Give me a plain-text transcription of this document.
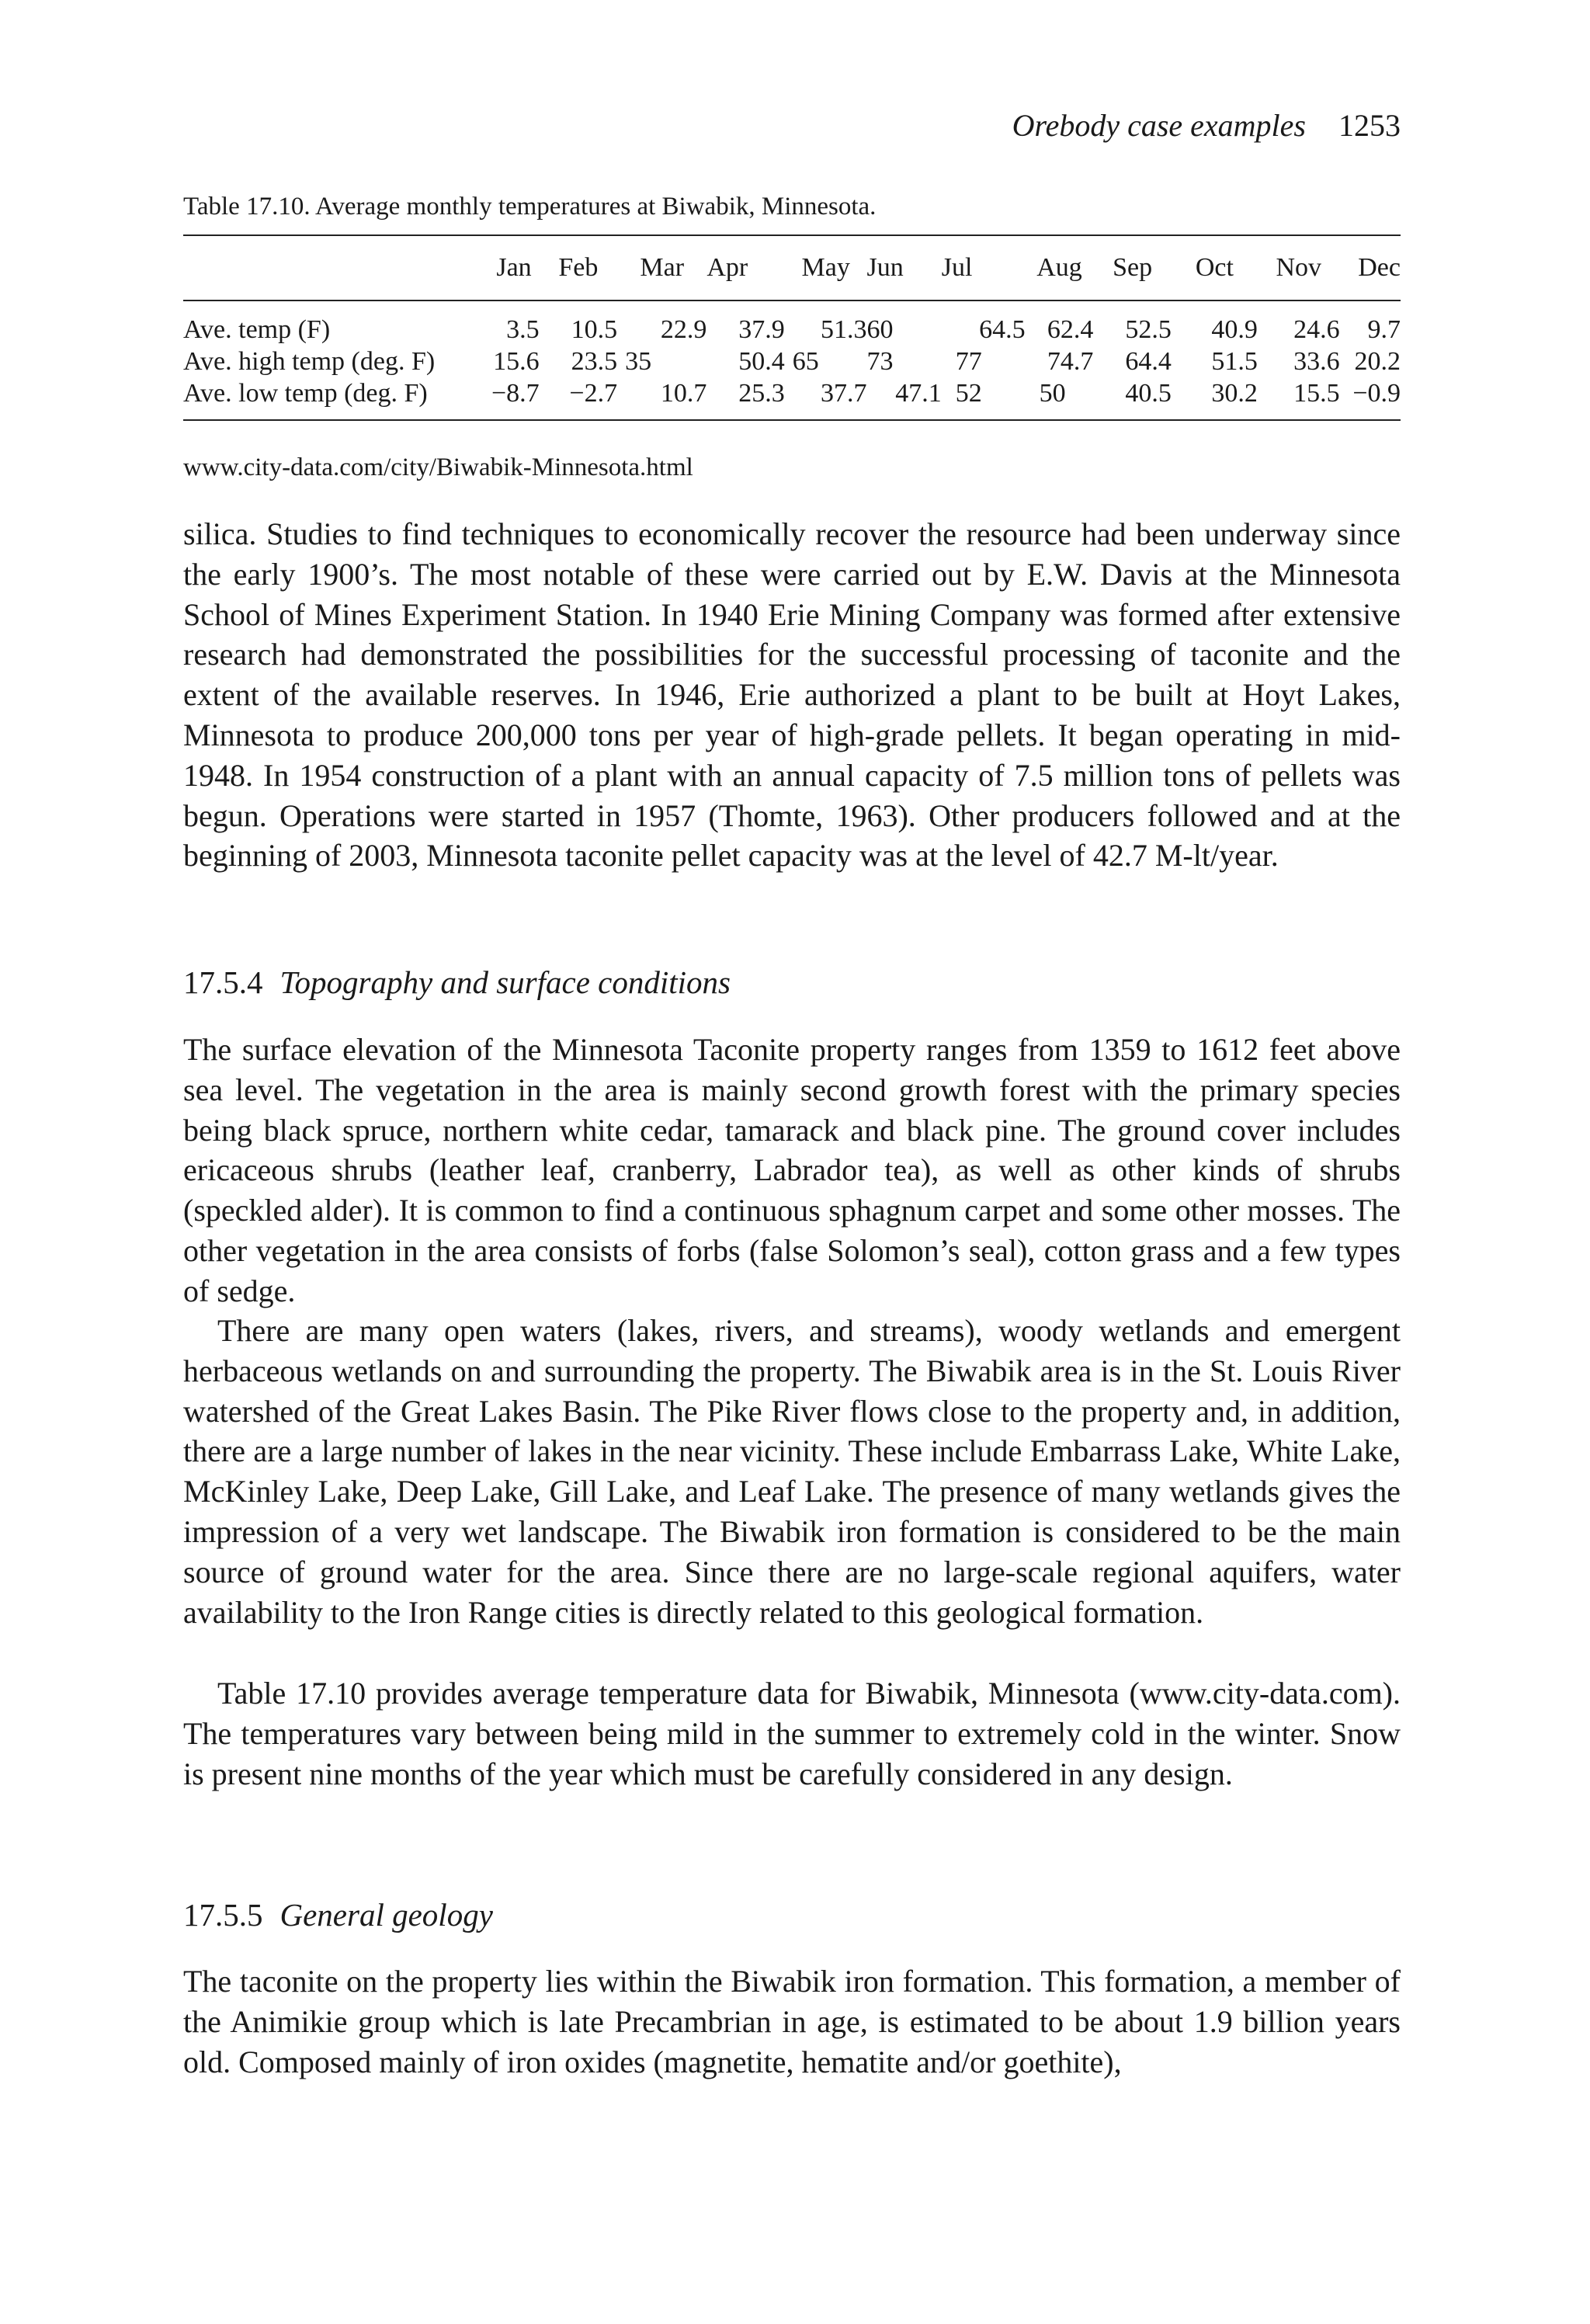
Orebody case examples 1253
Table 17.10. Average monthly temperatures at Biwabik, Minnesota.
	Jan	Feb	Mar	Apr	May	Jun	Jul	Aug	Sep	Oct	Nov	Dec
Ave. temp (F)	3.5	10.5	22.9	37.9	51.3	60	64.5	62.4	52.5	40.9	24.6	9.7
Ave. high temp (deg. F)	15.6	23.5	35	50.4	65	73	77	74.7	64.4	51.5	33.6	20.2
Ave. low temp (deg. F)	−8.7	−2.7	10.7	25.3	37.7	47.1	52	50	40.5	30.2	15.5	−0.9
www.city-data.com/city/Biwabik-Minnesota.html

silica. Studies to find techniques to economically recover the resource had been underway since the early 1900’s. The most notable of these were carried out by E.W. Davis at the Minnesota School of Mines Experiment Station. In 1940 Erie Mining Company was formed after extensive research had demonstrated the possibilities for the successful processing of taconite and the extent of the available reserves. In 1946, Erie authorized a plant to be built at Hoyt Lakes, Minnesota to produce 200,000 tons per year of high-grade pellets. It began operating in mid-1948. In 1954 construction of a plant with an annual capacity of 7.5 million tons of pellets was begun. Operations were started in 1957 (Thomte, 1963). Other producers followed and at the beginning of 2003, Minnesota taconite pellet capacity was at the level of 42.7 M-lt/year.

17.5.4 Topography and surface conditions

The surface elevation of the Minnesota Taconite property ranges from 1359 to 1612 feet above sea level. The vegetation in the area is mainly second growth forest with the primary species being black spruce, northern white cedar, tamarack and black pine. The ground cover includes ericaceous shrubs (leather leaf, cranberry, Labrador tea), as well as other kinds of shrubs (speckled alder). It is common to find a continuous sphagnum carpet and some other mosses. The other vegetation in the area consists of forbs (false Solomon’s seal), cotton grass and a few types of sedge.

There are many open waters (lakes, rivers, and streams), woody wetlands and emergent herbaceous wetlands on and surrounding the property. The Biwabik area is in the St. Louis River watershed of the Great Lakes Basin. The Pike River flows close to the property and, in addition, there are a large number of lakes in the near vicinity. These include Embarrass Lake, White Lake, McKinley Lake, Deep Lake, Gill Lake, and Leaf Lake. The presence of many wetlands gives the impression of a very wet landscape. The Biwabik iron formation is considered to be the main source of ground water for the area. Since there are no large-scale regional aquifers, water availability to the Iron Range cities is directly related to this geological formation.

Table 17.10 provides average temperature data for Biwabik, Minnesota (www.city-data.com). The temperatures vary between being mild in the summer to extremely cold in the winter. Snow is present nine months of the year which must be carefully considered in any design.

17.5.5 General geology

The taconite on the property lies within the Biwabik iron formation. This formation, a member of the Animikie group which is late Precambrian in age, is estimated to be about 1.9 billion years old. Composed mainly of iron oxides (magnetite, hematite and/or goethite),
